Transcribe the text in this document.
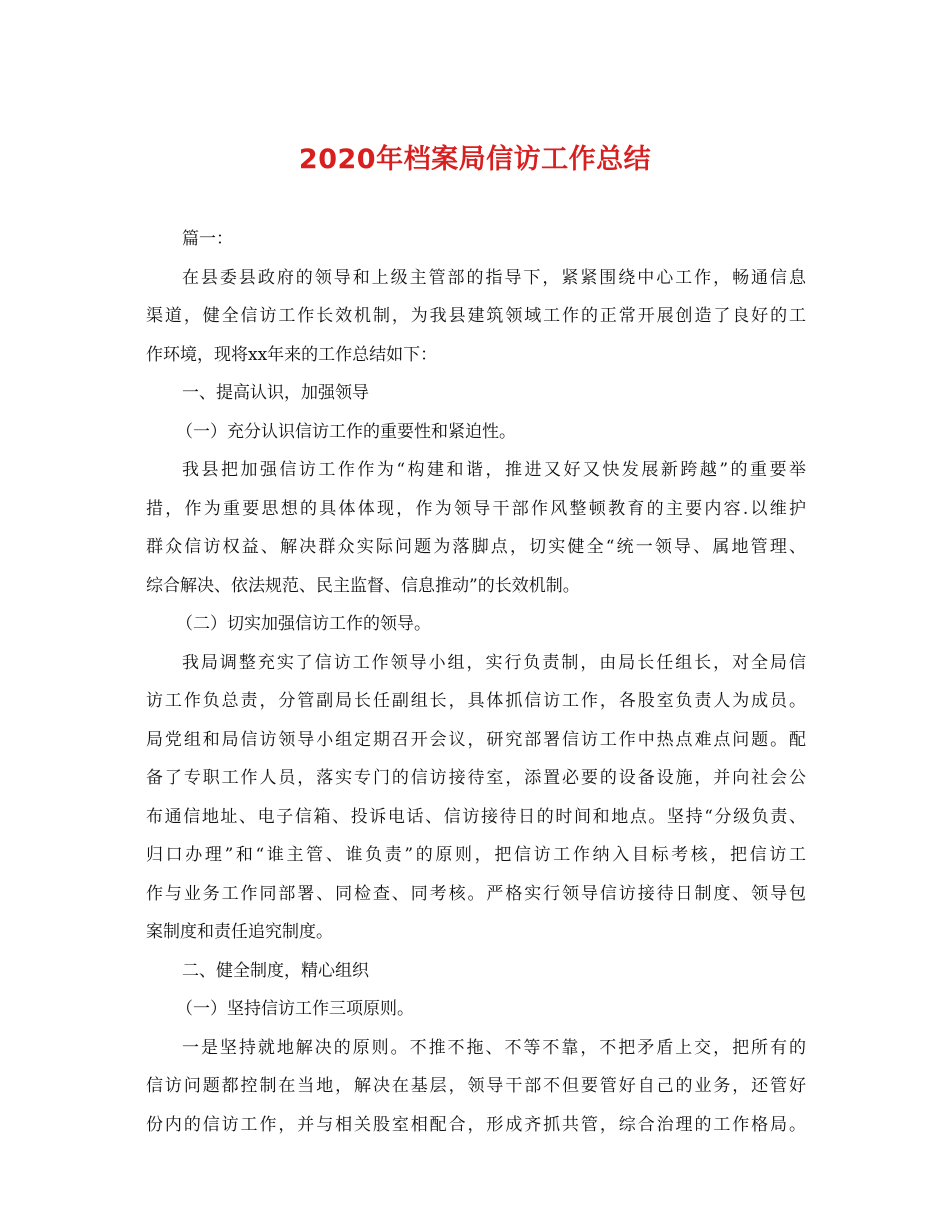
2020年档案局信访工作总结
篇一：
在县委县政府的领导和上级主管部的指导下，紧紧围绕中心工作，畅通信息
渠道，健全信访工作长效机制，为我县建筑领域工作的正常开展创造了良好的工
作环境，现将xx年来的工作总结如下：
一、提高认识，加强领导
（一）充分认识信访工作的重要性和紧迫性。
我县把加强信访工作作为“构建和谐，推进又好又快发展新跨越”的重要举
措，作为重要思想的具体体现，作为领导干部作风整顿教育的主要内容.以维护
群众信访权益、解决群众实际问题为落脚点，切实健全“统一领导、属地管理、
综合解决、依法规范、民主监督、信息推动”的长效机制。
（二）切实加强信访工作的领导。
我局调整充实了信访工作领导小组，实行负责制，由局长任组长，对全局信
访工作负总责，分管副局长任副组长，具体抓信访工作，各股室负责人为成员。
局党组和局信访领导小组定期召开会议，研究部署信访工作中热点难点问题。配
备了专职工作人员，落实专门的信访接待室，添置必要的设备设施，并向社会公
布通信地址、电子信箱、投诉电话、信访接待日的时间和地点。坚持“分级负责、
归口办理”和“谁主管、谁负责”的原则，把信访工作纳入目标考核，把信访工
作与业务工作同部署、同检查、同考核。严格实行领导信访接待日制度、领导包
案制度和责任追究制度。
二、健全制度，精心组织
（一）坚持信访工作三项原则。
一是坚持就地解决的原则。不推不拖、不等不靠，不把矛盾上交，把所有的
信访问题都控制在当地，解决在基层，领导干部不但要管好自己的业务，还管好
份内的信访工作，并与相关股室相配合，形成齐抓共管，综合治理的工作格局。
